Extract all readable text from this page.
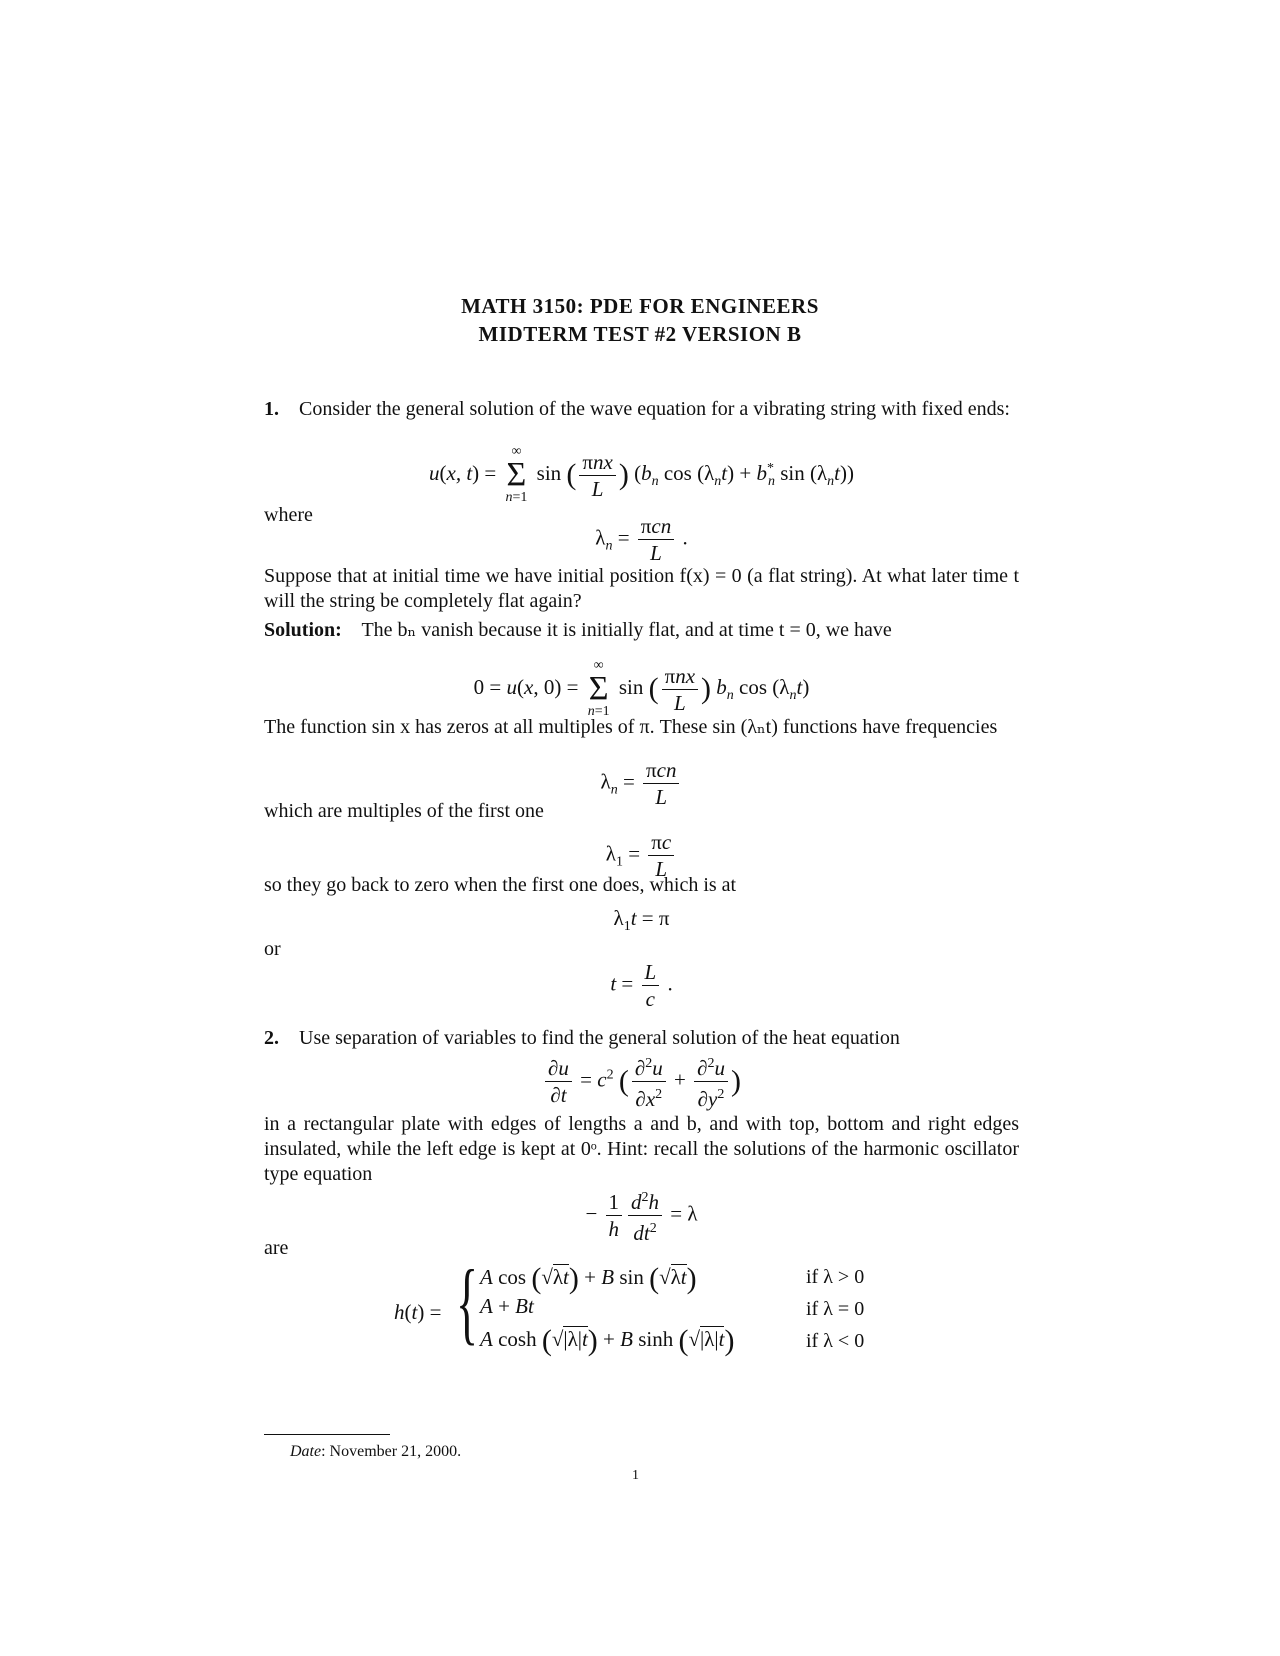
MATH 3150: PDE FOR ENGINEERS
MIDTERM TEST #2 VERSION B
1. Consider the general solution of the wave equation for a vibrating string with fixed ends:
u(x, t) =
∞
Σ
n=1
sin ( $\frac{\text{πnx}}{L}$ ) ($b_n$ $\cos (\lambda_nt) + b^*_n$ $\sin (\lambda_nt)$)
where
$\lambda_n = \frac{\text{πcn}}{L}$ .
Suppose that at initial time we have initial position f(x) = 0 (a flat string). At what later time t will the string be completely flat again?
Solution: The bₙ vanish because it is initially flat, and at time t = 0, we have
0 = u(x, 0) =
∞
Σ
n=1
sin ( $\frac{\text{πnx}}{L}$ ) $b_n$ $\cos (\lambda_nt)$
The function sin x has zeros at all multiples of π. These sin (λₙt) functions have frequencies
$\lambda_n = \frac{\text{πcn}}{L}$
which are multiples of the first one
$\lambda_1 = \frac{\pi c}{L}$
so they go back to zero when the first one does, which is at
$\lambda_1t = \pi$
or
$t = \frac{L}{c}$ .
2. Use separation of variables to find the general solution of the heat equation
$\frac{\partial u}{\partial t} = c^2$ ( $\frac{\partial^2u}{\partial x^2} + \frac{\partial^2u}{\partial y^2}$ )
in a rectangular plate with edges of lengths a and b, and with top, bottom and right edges insulated, while the left edge is kept at 0ᵒ. Hint: recall the solutions of the harmonic oscillator type equation
− $\frac{1}{h} \frac{d^2h}{dt^2} = \lambda$
are
h(t) = { A cos (√λt) + B sin (√λt)
A + Bt
A cosh (√|λ|t) + B sinh (√|λ|t)
if λ > 0
if λ = 0
if λ < 0
Date: November 21, 2000.
1
